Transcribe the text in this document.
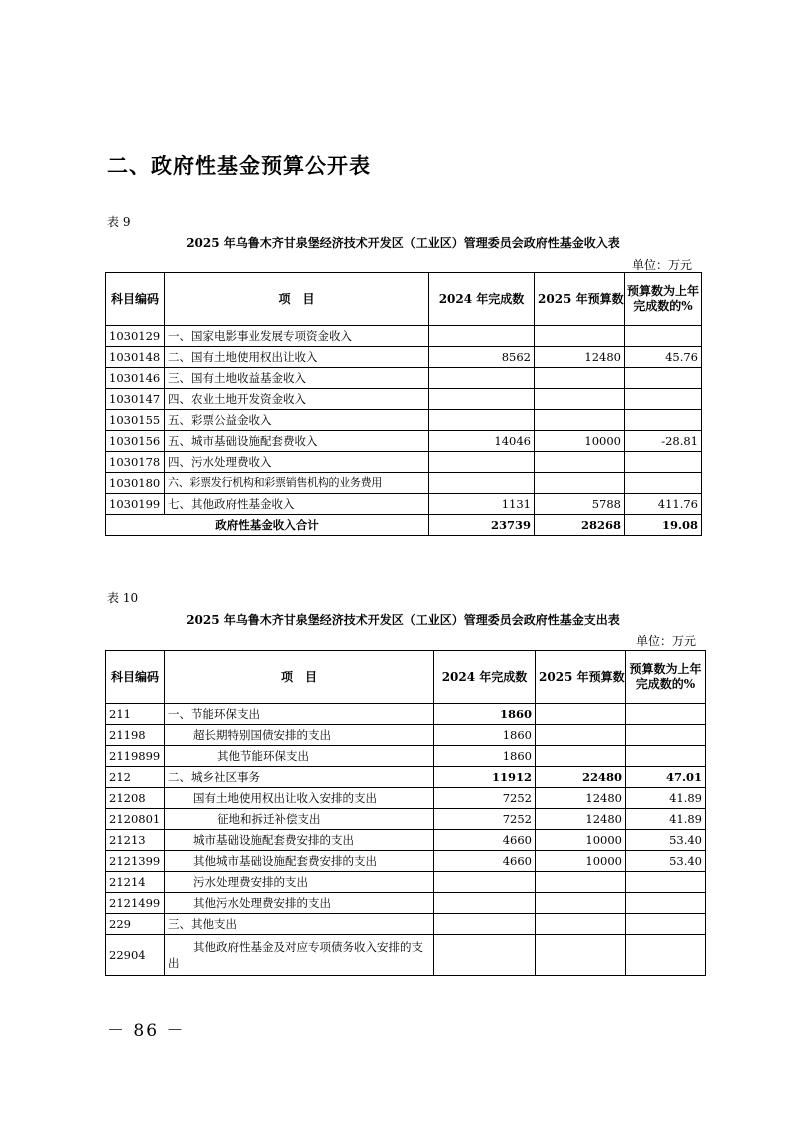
二、政府性基金预算公开表
表 9
2025 年乌鲁木齐甘泉堡经济技术开发区（工业区）管理委员会政府性基金收入表
单位：万元
科目编码	项　目	2024 年完成数	2025 年预算数	预算数为上年完成数的%
1030129	一、国家电影事业发展专项资金收入			
1030148	二、国有土地使用权出让收入	8562	12480	45.76
1030146	三、国有土地收益基金收入			
1030147	四、农业土地开发资金收入			
1030155	五、彩票公益金收入			
1030156	五、城市基础设施配套费收入	14046	10000	-28.81
1030178	四、污水处理费收入			
1030180	六、彩票发行机构和彩票销售机构的业务费用			
1030199	七、其他政府性基金收入	1131	5788	411.76
政府性基金收入合计		23739	28268	19.08
表 10
2025 年乌鲁木齐甘泉堡经济技术开发区（工业区）管理委员会政府性基金支出表
单位：万元
科目编码	项　目	2024 年完成数	2025 年预算数	预算数为上年完成数的%
211	一、节能环保支出	1860		
21198	超长期特别国债安排的支出	1860		
2119899	其他节能环保支出	1860		
212	二、城乡社区事务	11912	22480	47.01
21208	国有土地使用权出让收入安排的支出	7252	12480	41.89
2120801	征地和拆迁补偿支出	7252	12480	41.89
21213	城市基础设施配套费安排的支出	4660	10000	53.40
2121399	其他城市基础设施配套费安排的支出	4660	10000	53.40
21214	污水处理费安排的支出			
2121499	其他污水处理费安排的支出			
229	三、其他支出			
22904	其他政府性基金及对应专项债务收入安排的支出			
－ 86 －
